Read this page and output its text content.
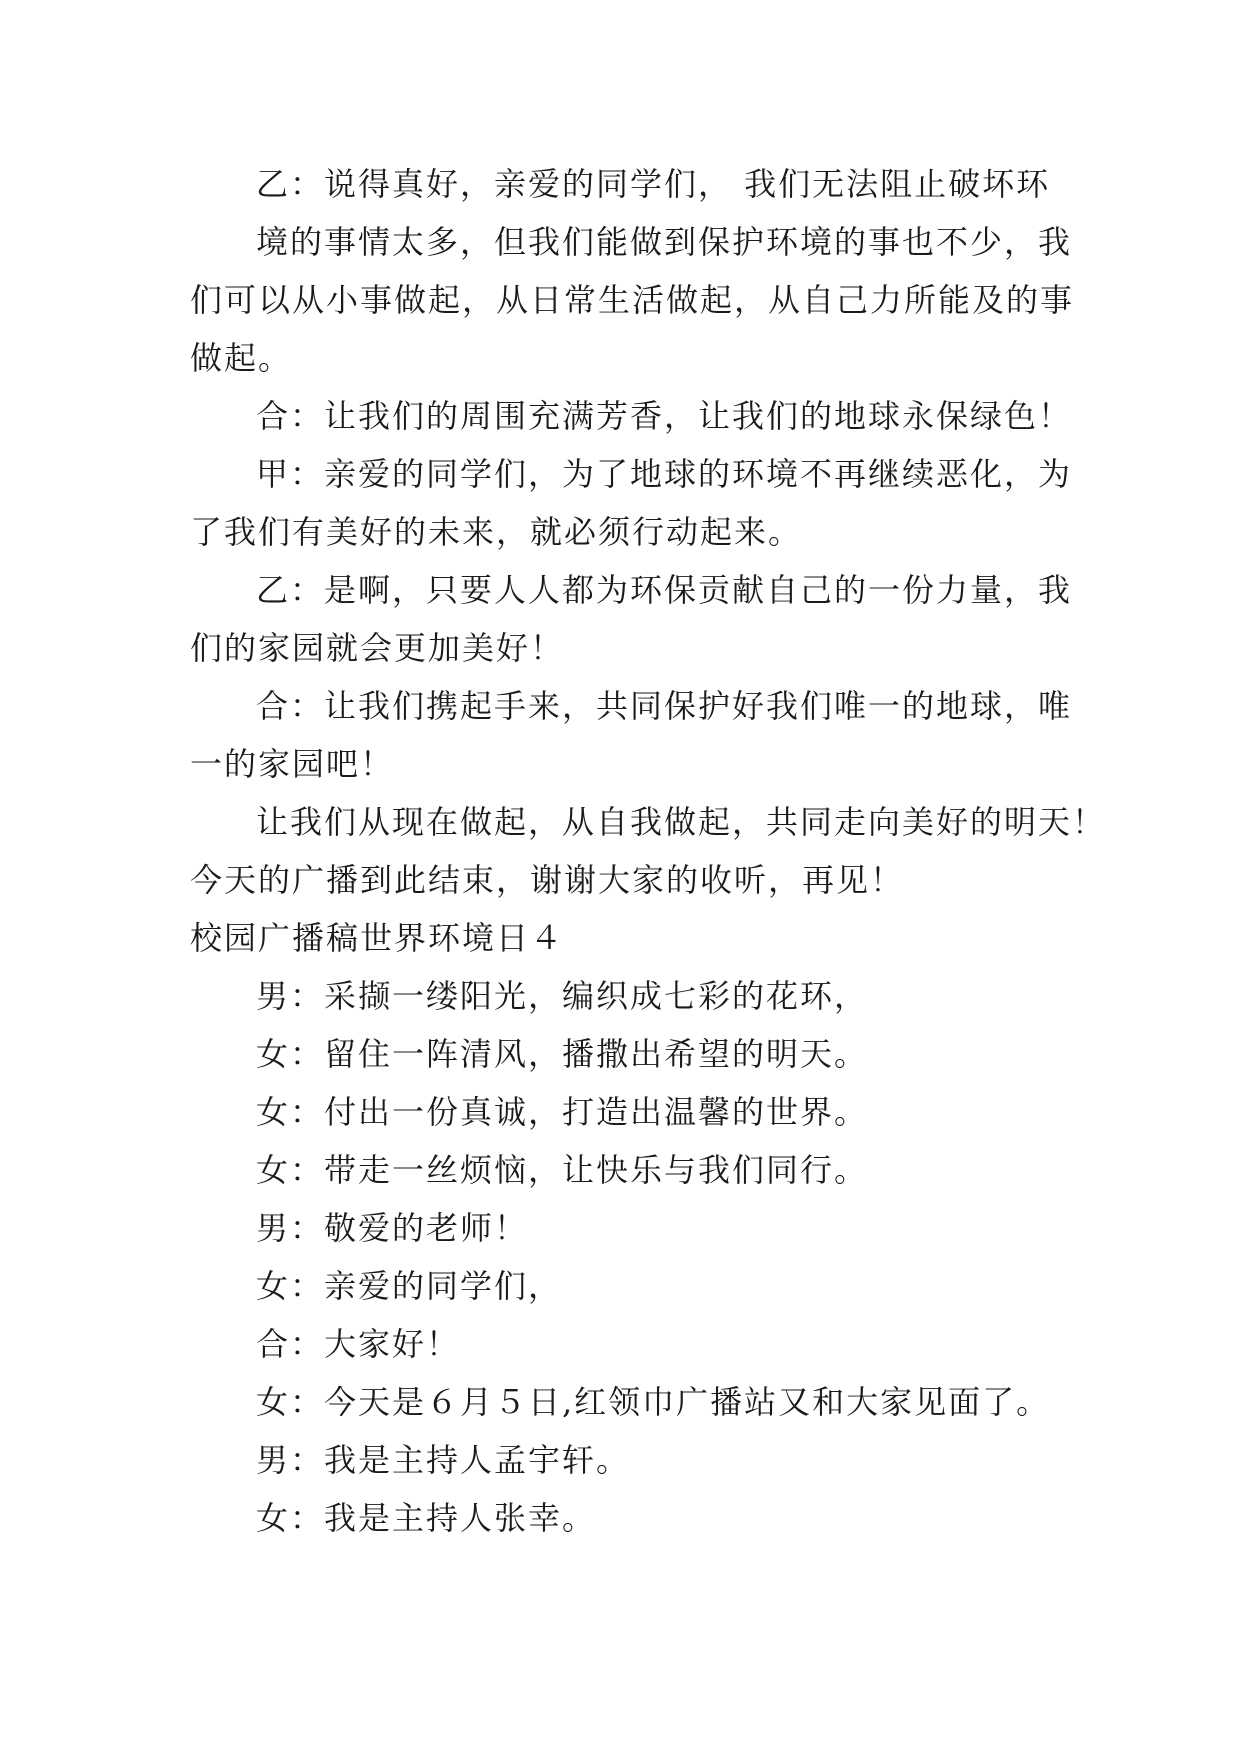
乙：说得真好，亲爱的同学们， 我们无法阻止破坏环
境的事情太多，但我们能做到保护环境的事也不少，我
们可以从小事做起，从日常生活做起，从自己力所能及的事
做起。
合：让我们的周围充满芳香，让我们的地球永保绿色！
甲：亲爱的同学们，为了地球的环境不再继续恶化，为
了我们有美好的未来，就必须行动起来。
乙：是啊，只要人人都为环保贡献自己的一份力量，我
们的家园就会更加美好！
合：让我们携起手来，共同保护好我们唯一的地球，唯
一的家园吧！
让我们从现在做起，从自我做起，共同走向美好的明天！
今天的广播到此结束，谢谢大家的收听，再见！
校园广播稿世界环境日４
男：采撷一缕阳光，编织成七彩的花环，
女：留住一阵清风，播撒出希望的明天。
女：付出一份真诚，打造出温馨的世界。
女：带走一丝烦恼，让快乐与我们同行。
男：敬爱的老师！
女：亲爱的同学们，
合：大家好！
女：今天是６月５日,红领巾广播站又和大家见面了。
男：我是主持人孟宇轩。
女：我是主持人张幸。
